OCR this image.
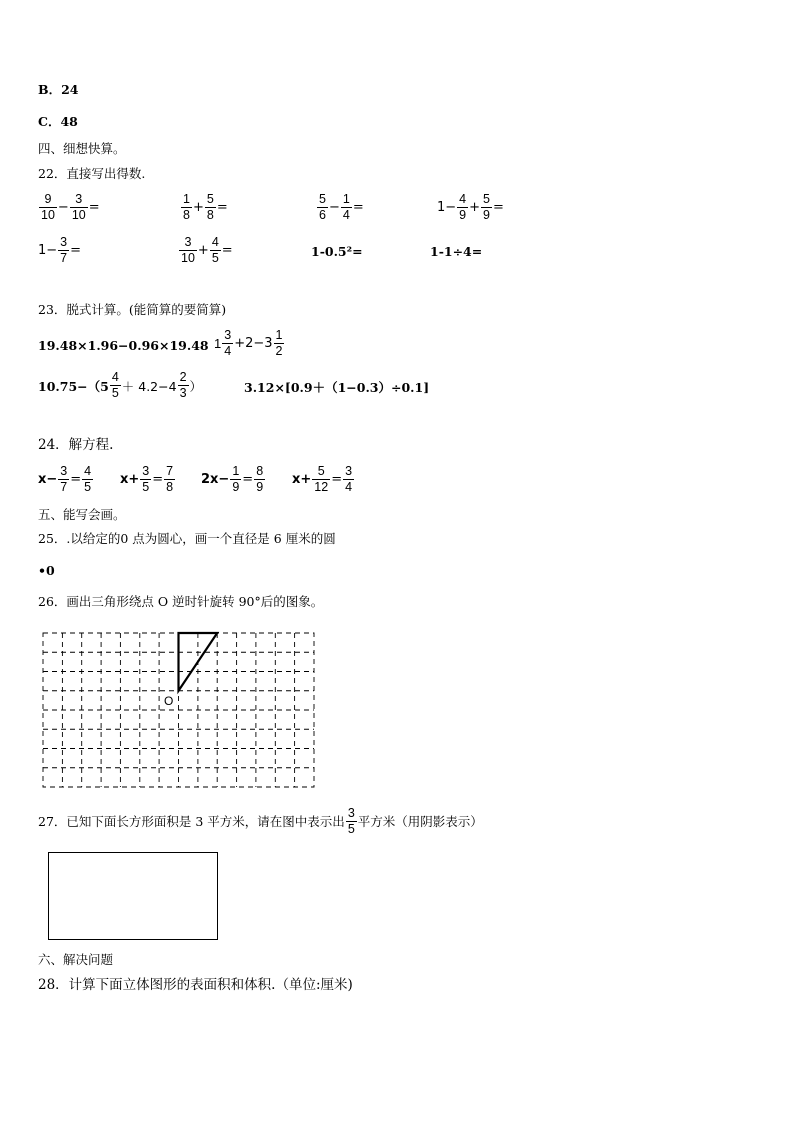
B．24
C．48
四、细想快算。
22．直接写出得数.
$\frac{9}{10} - \frac{3}{10}$ =	$\frac{1}{8} + \frac{5}{8}$ =	$\frac{5}{6} - \frac{1}{4}$ =	$1- \frac{4}{9} + \frac{5}{9}$ =
$1- \frac{3}{7}$ =	$\frac{3}{10} + \frac{4}{5}$ =	1-0.5²=	1-1÷4=
23．脱式计算。(能简算的要简算)
19.48×1.96−0.96×19.48 $1 \frac{3}{4} +2-3 \frac{1}{2}$
$10.75-(5 \frac{4}{5} + 4.2-4 \frac{2}{3}$ ）	3.12×[0.9＋（1−0.3）÷0.1]
24．解方程.
$x- \frac{3}{7} = \frac{4}{5} x+ \frac{3}{5} = \frac{7}{8} 2x- \frac{1}{9} = \frac{8}{9} x+ \frac{5}{12} = \frac{3}{4}$
五、能写会画。
25．.以给定的0 点为圆心，画一个直径是 6 厘米的圆
•0
26．画出三角形绕点 O 逆时针旋转 90°后的图象。
O
27．已知下面长方形面积是 3 平方米，请在图中表示出 $\frac{3}{5}$ 平方米（用阴影表示）
六、解决问题
28．计算下面立体图形的表面积和体积.（单位:厘米)
